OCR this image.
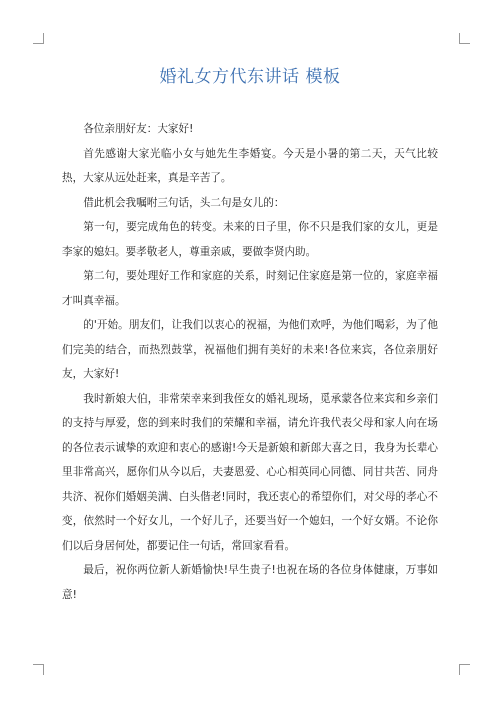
婚礼女方代东讲话 模板

各位亲朋好友：大家好!

首先感谢大家光临小女与她先生李婚宴。今天是小暑的第二天，天气比较热，大家从远处赶来，真是辛苦了。

借此机会我嘱咐三句话，头二句是女儿的：

第一句，要完成角色的转变。未来的日子里，你不只是我们家的女儿，更是李家的媳妇。要孝敬老人，尊重亲戚，要做李贤内助。

第二句，要处理好工作和家庭的关系，时刻记住家庭是第一位的，家庭幸福才叫真幸福。

的'开始。朋友们，让我们以衷心的祝福，为他们欢呼，为他们喝彩，为了他们完美的结合，而热烈鼓掌，祝福他们拥有美好的未来!各位来宾，各位亲朋好友，大家好!

我时新娘大伯，非常荣幸来到我侄女的婚礼现场，觅承蒙各位来宾和乡亲们的支持与厚爱，您的到来时我们的荣耀和幸福，请允许我代表父母和家人向在场的各位表示诚挚的欢迎和衷心的感谢!今天是新娘和新郎大喜之日，我身为长辈心里非常高兴，愿你们从今以后，夫妻恩爱、心心相英同心同德、同甘共苦、同舟共济、祝你们婚姻美满、白头偕老!同时，我还衷心的希望你们，对父母的孝心不变，依然时一个好女儿，一个好儿子，还要当好一个媳妇，一个好女婿。不论你们以后身居何处，都要记住一句话，常回家看看。

最后，祝你两位新人新婚愉快!早生贵子!也祝在场的各位身体健康，万事如意!
